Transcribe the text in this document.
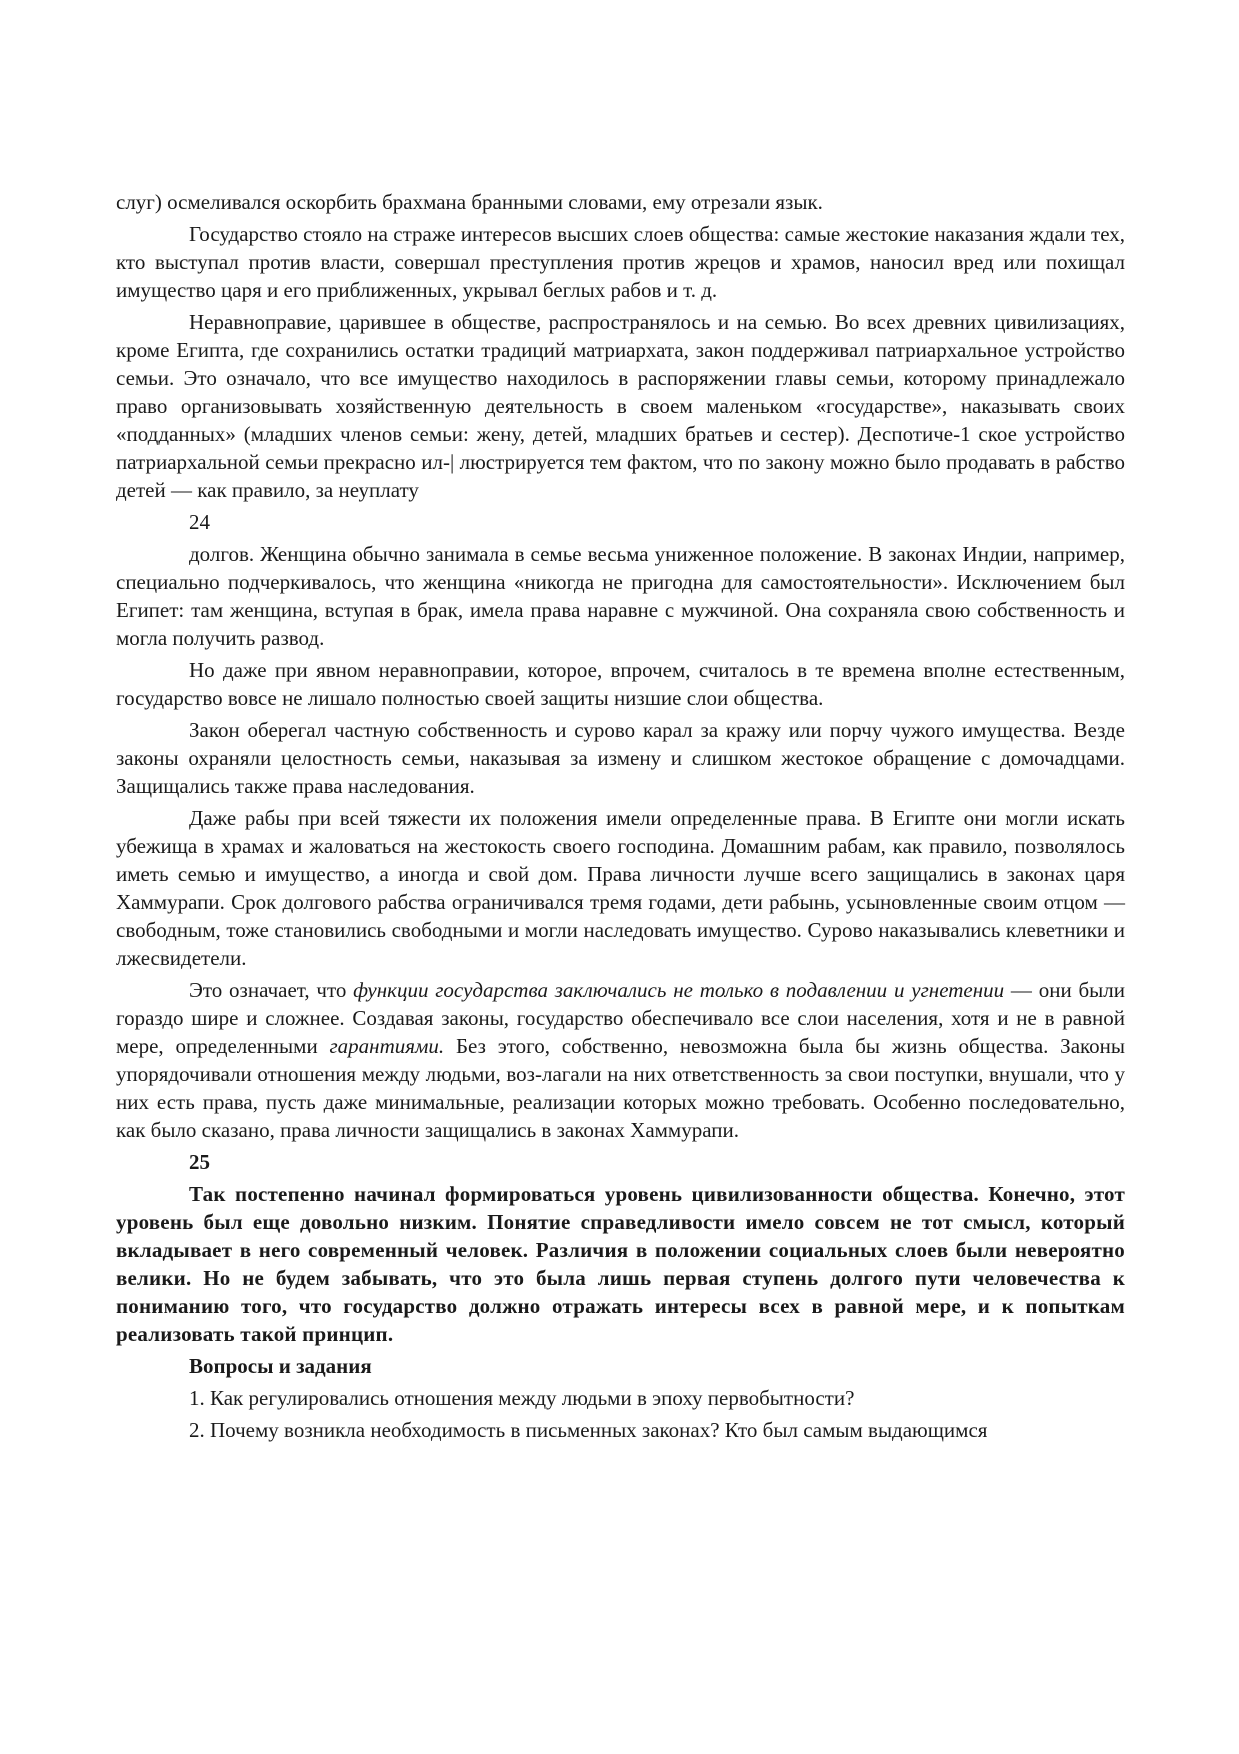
слуг) осмеливался оскорбить брахмана бранными словами, ему отрезали язык.

Государство стояло на страже интересов высших слоев общества: самые жестокие наказания ждали тех, кто выступал против власти, совершал преступления против жрецов и храмов, наносил вред или похищал имущество царя и его приближенных, укрывал беглых рабов и т. д.

Неравноправие, царившее в обществе, распространялось и на семью. Во всех древних цивилизациях, кроме Египта, где сохранились остатки традиций матриархата, закон поддерживал патриархальное устройство семьи. Это означало, что все имущество находилось в распоряжении главы семьи, которому принадлежало право организовывать хозяйственную деятельность в своем маленьком «государстве», наказывать своих «подданных» (младших членов семьи: жену, детей, младших братьев и сестер). Деспотиче-1 ское устройство патриархальной семьи прекрасно ил-| люстрируется тем фактом, что по закону можно было продавать в рабство детей — как правило, за неуплату

24

долгов. Женщина обычно занимала в семье весьма униженное положение. В законах Индии, например, специально подчеркивалось, что женщина «никогда не пригодна для самостоятельности». Исключением был Египет: там женщина, вступая в брак, имела права наравне с мужчиной. Она сохраняла свою собственность и могла получить развод.

Но даже при явном неравноправии, которое, впрочем, считалось в те времена вполне естественным, государство вовсе не лишало полностью своей защиты низшие слои общества.

Закон оберегал частную собственность и сурово карал за кражу или порчу чужого имущества. Везде законы охраняли целостность семьи, наказывая за измену и слишком жестокое обращение с домочадцами. Защищались также права наследования.

Даже рабы при всей тяжести их положения имели определенные права. В Египте они могли искать убежища в храмах и жаловаться на жестокость своего господина. Домашним рабам, как правило, позволялось иметь семью и имущество, а иногда и свой дом. Права личности лучше всего защищались в законах царя Хаммурапи. Срок долгового рабства ограничивался тремя годами, дети рабынь, усыновленные своим отцом — свободным, тоже становились свободными и могли наследовать имущество. Сурово наказывались клеветники и лжесвидетели.

Это означает, что функции государства заключались не только в подавлении и угнетении — они были гораздо шире и сложнее. Создавая законы, государство обеспечивало все слои населения, хотя и не в равной мере, определенными гарантиями. Без этого, собственно, невозможна была бы жизнь общества. Законы упорядочивали отношения между людьми, воз-лагали на них ответственность за свои поступки, внушали, что у них есть права, пусть даже минимальные, реализации которых можно требовать. Особенно последовательно, как было сказано, права личности защищались в законах Хаммурапи.

25

Так постепенно начинал формироваться уровень цивилизованности общества. Конечно, этот уровень был еще довольно низким. Понятие справедливости имело совсем не тот смысл, который вкладывает в него современный человек. Различия в положении социальных слоев были невероятно велики. Но не будем забывать, что это была лишь первая ступень долгого пути человечества к пониманию того, что государство должно отражать интересы всех в равной мере, и к попыткам реализовать такой принцип.

Вопросы и задания
1. Как регулировались отношения между людьми в эпоху первобытности?
2. Почему возникла необходимость в письменных законах? Кто был самым выдающимся
